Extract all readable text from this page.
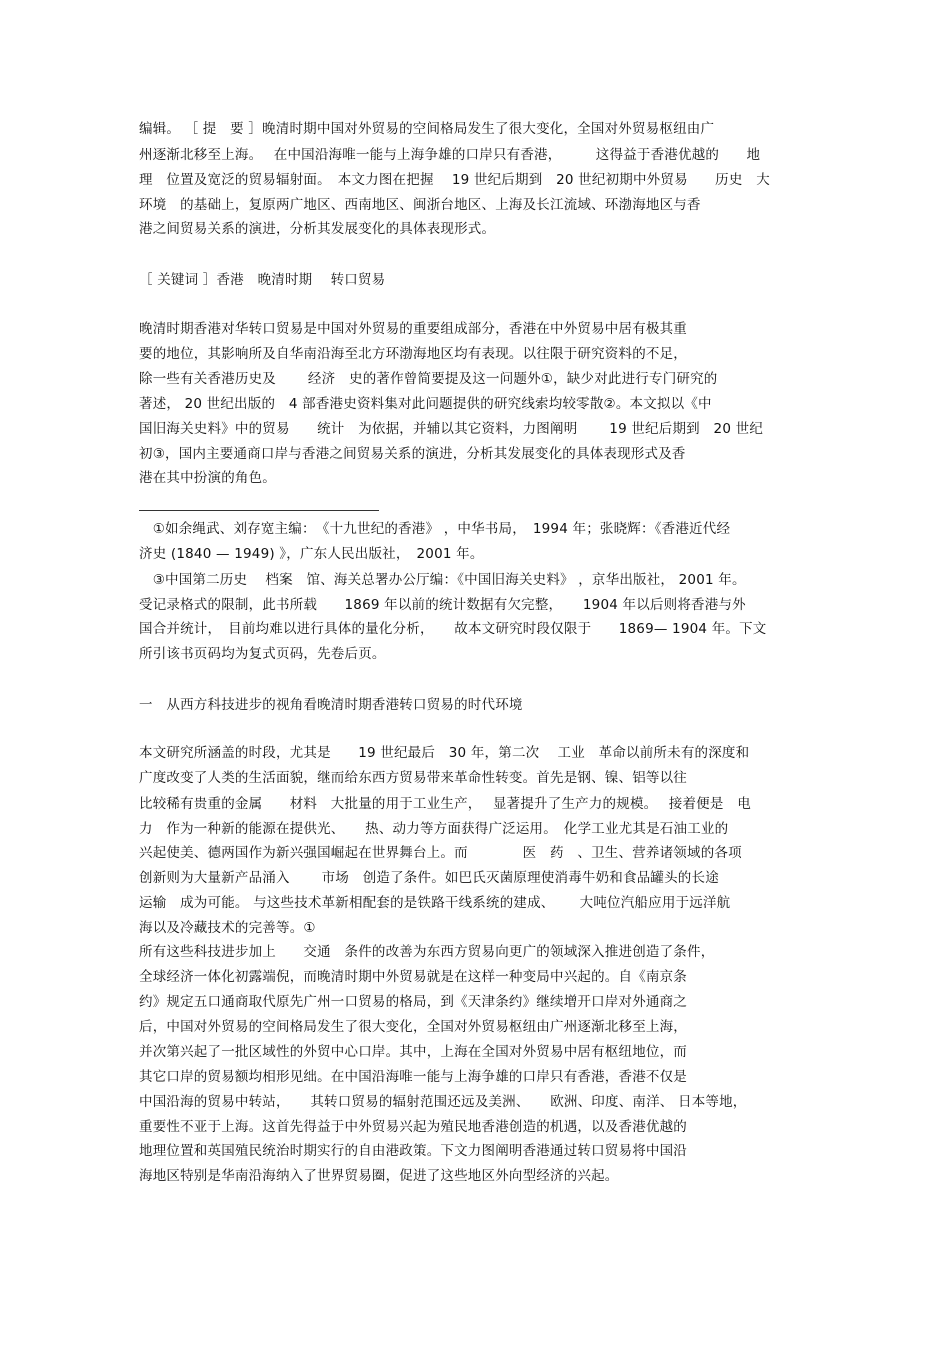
编辑。 ［ 提　要 ］晚清时期中国对外贸易的空间格局发生了很大变化，全国对外贸易枢纽由广
州逐渐北移至上海。　 在中国沿海唯一能与上海争雄的口岸只有香港，　　　这得益于香港优越的　　地
理　位置及宽泛的贸易辐射面。　本文力图在把握　 19 世纪后期到　20 世纪初期中外贸易　　历史　大
环境　的基础上，复原两广地区、西南地区、闽浙台地区、上海及长江流域、环渤海地区与香
港之间贸易关系的演进，分析其发展变化的具体表现形式。
［ 关键词 ］香港　晚清时期　 转口贸易
晚清时期香港对华转口贸易是中国对外贸易的重要组成部分，香港在中外贸易中居有极其重
要的地位，其影响所及自华南沿海至北方环渤海地区均有表现。以往限于研究资料的不足，
除一些有关香港历史及　　 经济　史的著作曾简要提及这一问题外①，缺少对此进行专门研究的
著述， 20 世纪出版的　4 部香港史资料集对此问题提供的研究线索均较零散②。本文拟以《中
国旧海关史料》中的贸易　　统计　为依据，并辅以其它资料，力图阐明　　 19 世纪后期到　20 世纪
初③，国内主要通商口岸与香港之间贸易关系的演进，分析其发展变化的具体表现形式及香
港在其中扮演的角色。
　①如余绳武、刘存宽主编：　《十九世纪的香港》 ，中华书局，　1994 年；张晓辉：《香港近代经
济史 (1840 — 1949) 》，广东人民出版社，　2001 年。
　③中国第二历史　 档案　馆、海关总署办公厅编：《中国旧海关史料》 ，京华出版社， 2001 年。
受记录格式的限制，此书所载　　1869 年以前的统计数据有欠完整，　　1904 年以后则将香港与外
国合并统计，　目前均难以进行具体的量化分析，　　故本文研究时段仅限于　　1869— 1904 年。下文
所引该书页码均为复式页码，先卷后页。
一　从西方科技进步的视角看晚清时期香港转口贸易的时代环境
本文研究所涵盖的时段，尤其是　　19 世纪最后　30 年，第二次　 工业　革命以前所未有的深度和
广度改变了人类的生活面貌，继而给东西方贸易带来革命性转变。首先是钢、镍、铝等以往
比较稀有贵重的金属　　材料　大批量的用于工业生产，　 显著提升了生产力的规模。　 接着便是　电
力　作为一种新的能源在提供光、　　热、动力等方面获得广泛运用。　化学工业尤其是石油工业的
兴起使美、德两国作为新兴强国崛起在世界舞台上。而　　　　医　药　、卫生、营养诸领域的各项
创新则为大量新产品涌入　　 市场　创造了条件。如巴氏灭菌原理使消毒牛奶和食品罐头的长途
运输　成为可能。 与这些技术革新相配套的是铁路干线系统的建成、　　 大吨位汽船应用于远洋航
海以及冷藏技术的完善等。①
所有这些科技进步加上　　交通　条件的改善为东西方贸易向更广的领域深入推进创造了条件，
全球经济一体化初露端倪，而晚清时期中外贸易就是在这样一种变局中兴起的。自《南京条
约》规定五口通商取代原先广州一口贸易的格局，到《天津条约》继续增开口岸对外通商之
后，中国对外贸易的空间格局发生了很大变化，全国对外贸易枢纽由广州逐渐北移至上海，
并次第兴起了一批区域性的外贸中心口岸。其中，上海在全国对外贸易中居有枢纽地位，而
其它口岸的贸易额均相形见绌。在中国沿海唯一能与上海争雄的口岸只有香港，香港不仅是
中国沿海的贸易中转站，　　其转口贸易的辐射范围还远及美洲、　　欧洲、印度、南洋、 日本等地，
重要性不亚于上海。这首先得益于中外贸易兴起为殖民地香港创造的机遇，以及香港优越的
地理位置和英国殖民统治时期实行的自由港政策。下文力图阐明香港通过转口贸易将中国沿
海地区特别是华南沿海纳入了世界贸易圈，促进了这些地区外向型经济的兴起。
